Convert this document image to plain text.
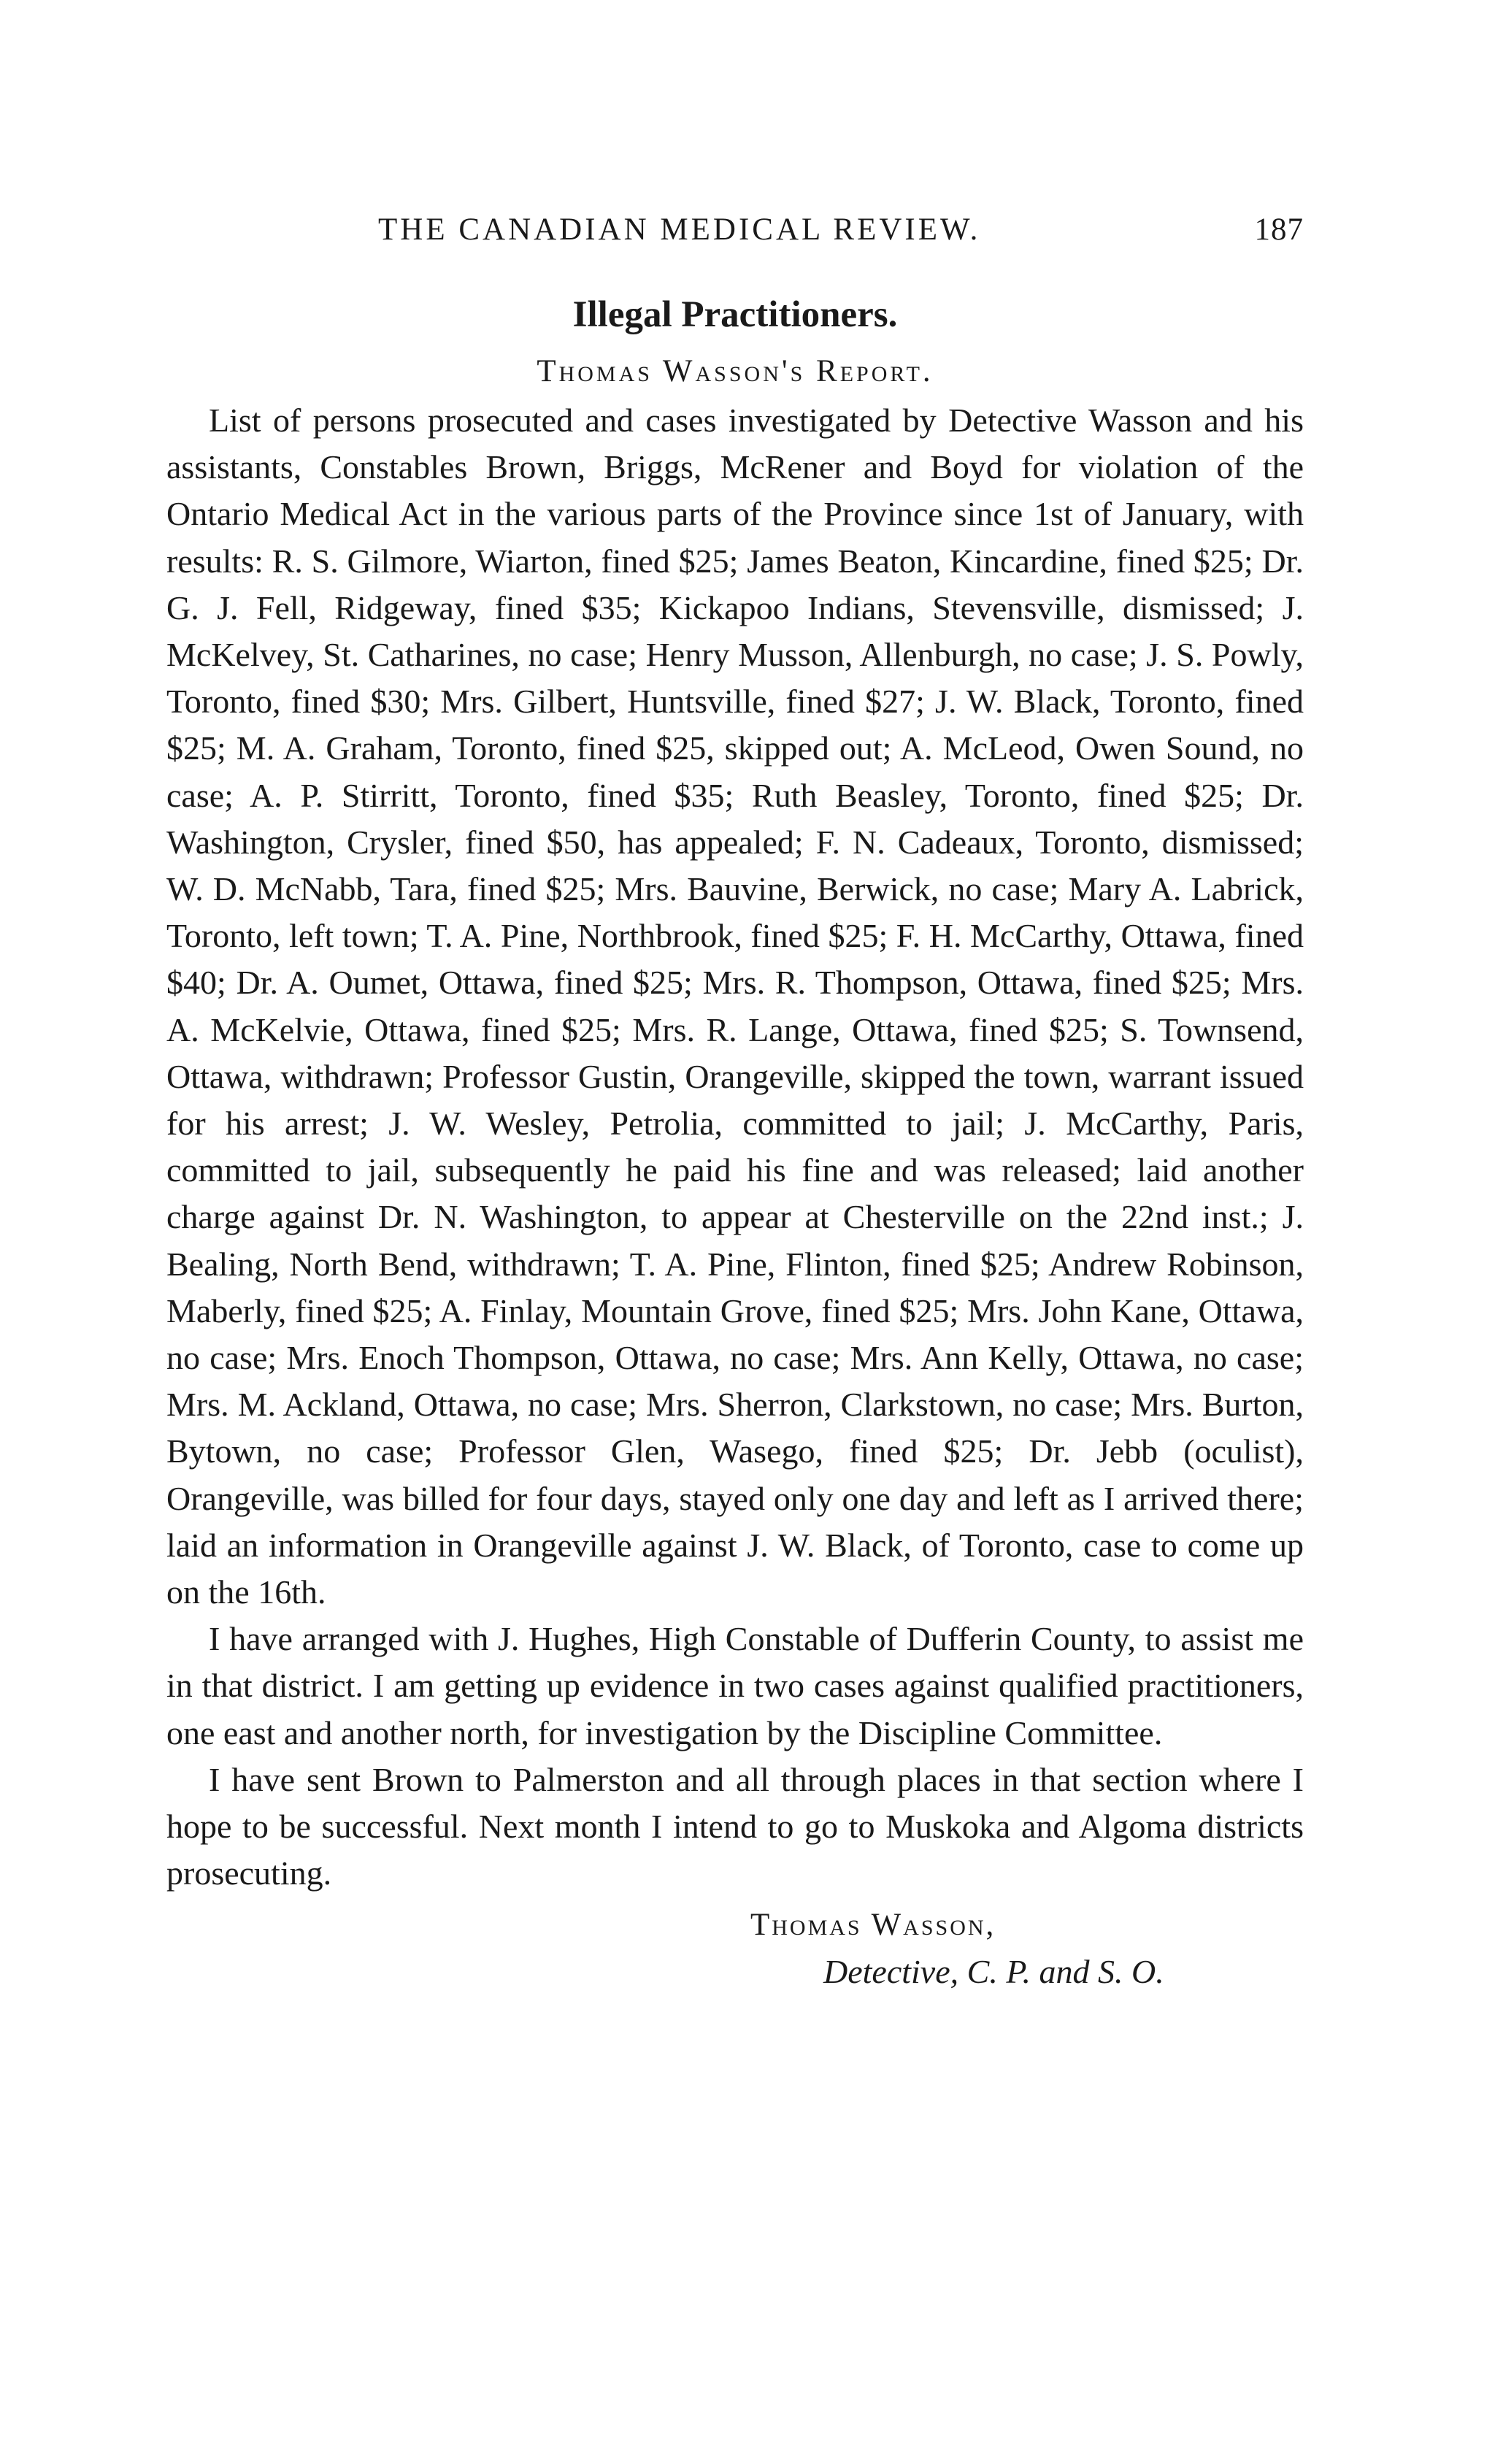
THE CANADIAN MEDICAL REVIEW.	187
Illegal Practitioners.
Thomas Wasson's Report.

List of persons prosecuted and cases investigated by Detective Wasson and his assistants, Constables Brown, Briggs, McRener and Boyd for violation of the Ontario Medical Act in the various parts of the Province since 1st of January, with results: R. S. Gilmore, Wiarton, fined $25; James Beaton, Kincardine, fined $25; Dr. G. J. Fell, Ridgeway, fined $35; Kickapoo Indians, Stevensville, dismissed; J. McKelvey, St. Catharines, no case; Henry Musson, Allenburgh, no case; J. S. Powly, Toronto, fined $30; Mrs. Gilbert, Huntsville, fined $27; J. W. Black, Toronto, fined $25; M. A. Graham, Toronto, fined $25, skipped out; A. McLeod, Owen Sound, no case; A. P. Stirritt, Toronto, fined $35; Ruth Beasley, Toronto, fined $25; Dr. Washington, Crysler, fined $50, has appealed; F. N. Cadeaux, Toronto, dismissed; W. D. McNabb, Tara, fined $25; Mrs. Bauvine, Berwick, no case; Mary A. Labrick, Toronto, left town; T. A. Pine, Northbrook, fined $25; F. H. McCarthy, Ottawa, fined $40; Dr. A. Oumet, Ottawa, fined $25; Mrs. R. Thompson, Ottawa, fined $25; Mrs. A. McKelvie, Ottawa, fined $25; Mrs. R. Lange, Ottawa, fined $25; S. Townsend, Ottawa, withdrawn; Professor Gustin, Orangeville, skipped the town, warrant issued for his arrest; J. W. Wesley, Petrolia, committed to jail; J. McCarthy, Paris, committed to jail, subsequently he paid his fine and was released; laid another charge against Dr. N. Washington, to appear at Chesterville on the 22nd inst.; J. Bealing, North Bend, withdrawn; T. A. Pine, Flinton, fined $25; Andrew Robinson, Maberly, fined $25; A. Finlay, Mountain Grove, fined $25; Mrs. John Kane, Ottawa, no case; Mrs. Enoch Thompson, Ottawa, no case; Mrs. Ann Kelly, Ottawa, no case; Mrs. M. Ackland, Ottawa, no case; Mrs. Sherron, Clarkstown, no case; Mrs. Burton, Bytown, no case; Professor Glen, Wasego, fined $25; Dr. Jebb (oculist), Orangeville, was billed for four days, stayed only one day and left as I arrived there; laid an information in Orangeville against J. W. Black, of Toronto, case to come up on the 16th.

I have arranged with J. Hughes, High Constable of Dufferin County, to assist me in that district. I am getting up evidence in two cases against qualified practitioners, one east and another north, for investigation by the Discipline Committee.

I have sent Brown to Palmerston and all through places in that section where I hope to be successful. Next month I intend to go to Muskoka and Algoma districts prosecuting.

Thomas Wasson,
Detective, C. P. and S. O.
